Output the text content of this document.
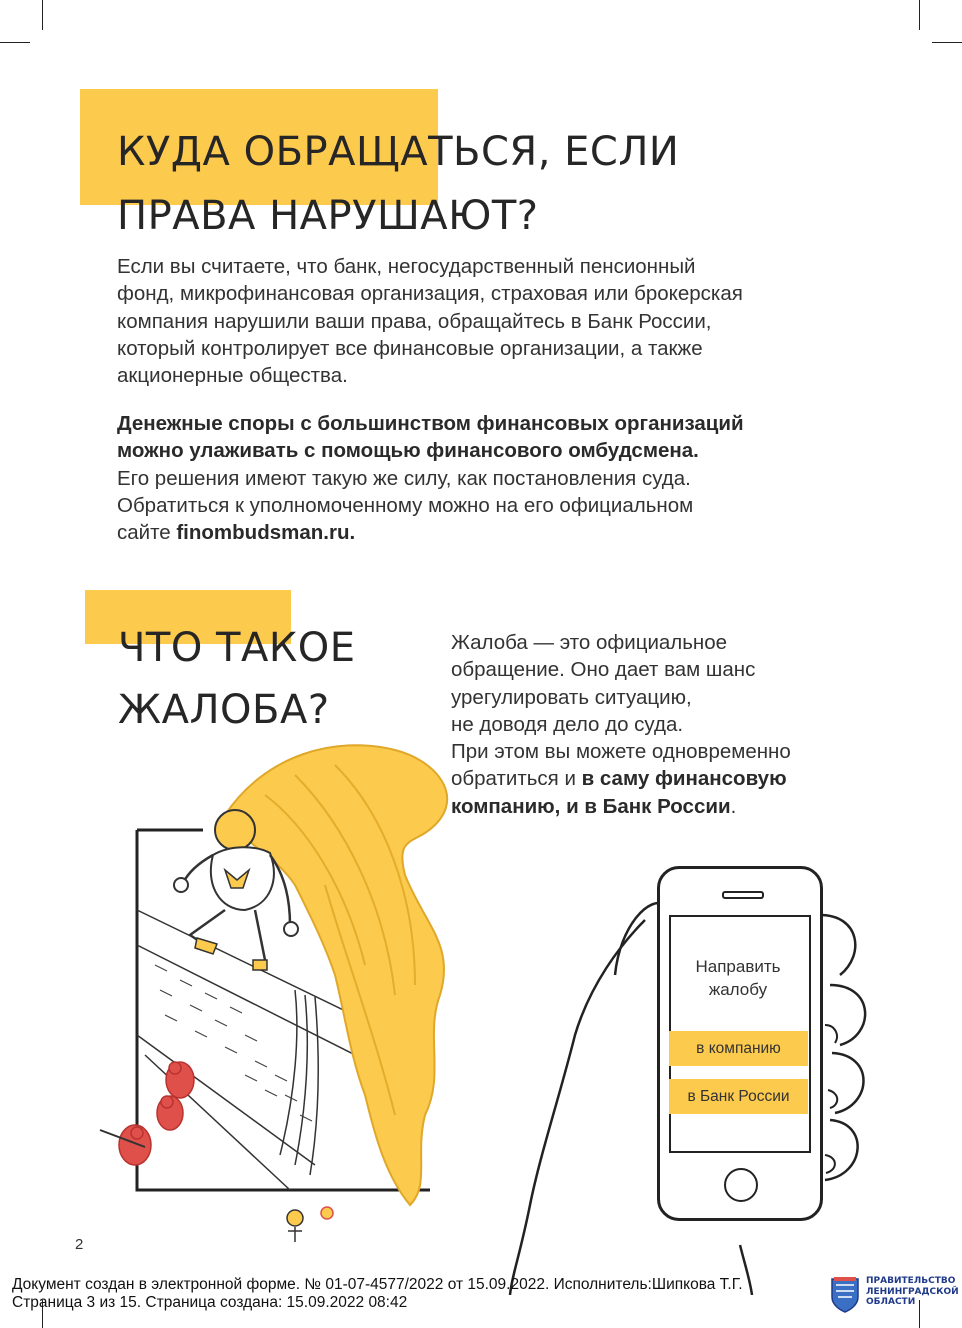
КУДА ОБРАЩАТЬСЯ, ЕСЛИ
ПРАВА НАРУШАЮТ?
Если вы считаете, что банк, негосударственный пенсионный
фонд, микрофинансовая организация, страховая или брокерская
компания нарушили ваши права, обращайтесь в Банк России,
который контролирует все финансовые организации, а также
акционерные общества.
Денежные споры с большинством финансовых организаций
можно улаживать с помощью финансового омбудсмена.
Его решения имеют такую же силу, как постановления суда.
Обратиться к уполномоченному можно на его официальном
сайте finombudsman.ru.
ЧТО ТАКОЕ
ЖАЛОБА?
Жалоба — это официальное
обращение. Оно дает вам шанс
урегулировать ситуацию,
не доводя дело до суда.
При этом вы можете одновременно
обратиться и в саму финансовую
компанию, и в Банк России.
Направить
жалобу
в компанию
в Банк России
2
Документ создан в электронной форме. № 01-07-4577/2022 от 15.09.2022. Исполнитель:Шипкова Т.Г.
Страница 3 из 15. Страница создана: 15.09.2022 08:42
ПРАВИТЕЛЬСТВО
ЛЕНИНГРАДСКОЙ
ОБЛАСТИ
